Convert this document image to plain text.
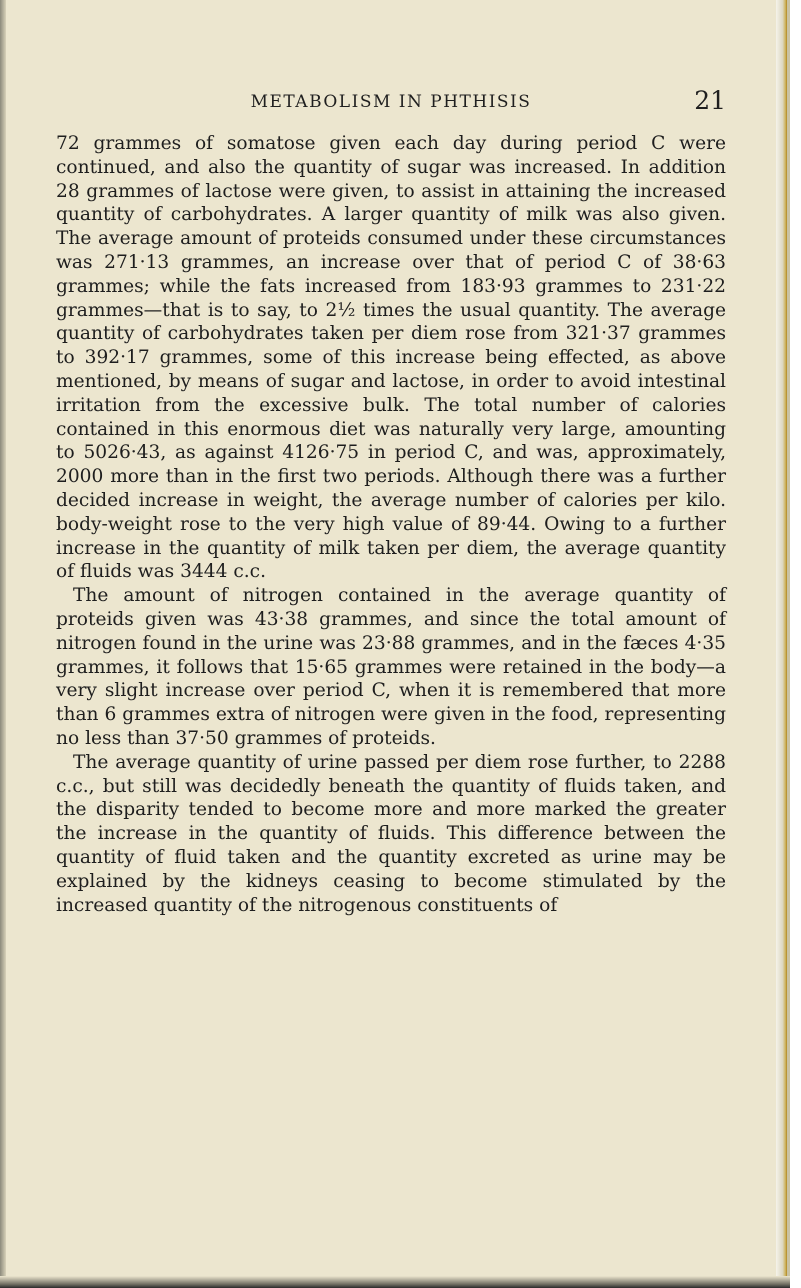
METABOLISM IN PHTHISIS	21

72 grammes of somatose given each day during period C were continued, and also the quantity of sugar was increased. In addition 28 grammes of lactose were given, to assist in attaining the increased quantity of carbohydrates. A larger quantity of milk was also given. The average amount of proteids consumed under these circumstances was 271·13 grammes, an increase over that of period C of 38·63 grammes; while the fats increased from 183·93 grammes to 231·22 grammes—that is to say, to 2½ times the usual quantity. The average quantity of carbohydrates taken per diem rose from 321·37 grammes to 392·17 grammes, some of this increase being effected, as above mentioned, by means of sugar and lactose, in order to avoid intestinal irritation from the excessive bulk. The total number of calories contained in this enormous diet was naturally very large, amounting to 5026·43, as against 4126·75 in period C, and was, approximately, 2000 more than in the first two periods. Although there was a further decided increase in weight, the average number of calories per kilo. body-weight rose to the very high value of 89·44. Owing to a further increase in the quantity of milk taken per diem, the average quantity of fluids was 3444 c.c.

The amount of nitrogen contained in the average quantity of proteids given was 43·38 grammes, and since the total amount of nitrogen found in the urine was 23·88 grammes, and in the fæces 4·35 grammes, it follows that 15·65 grammes were retained in the body—a very slight increase over period C, when it is remembered that more than 6 grammes extra of nitrogen were given in the food, representing no less than 37·50 grammes of proteids.

The average quantity of urine passed per diem rose further, to 2288 c.c., but still was decidedly beneath the quantity of fluids taken, and the disparity tended to become more and more marked the greater the increase in the quantity of fluids. This difference between the quantity of fluid taken and the quantity excreted as urine may be explained by the kidneys ceasing to become stimulated by the increased quantity of the nitrogenous constituents of
